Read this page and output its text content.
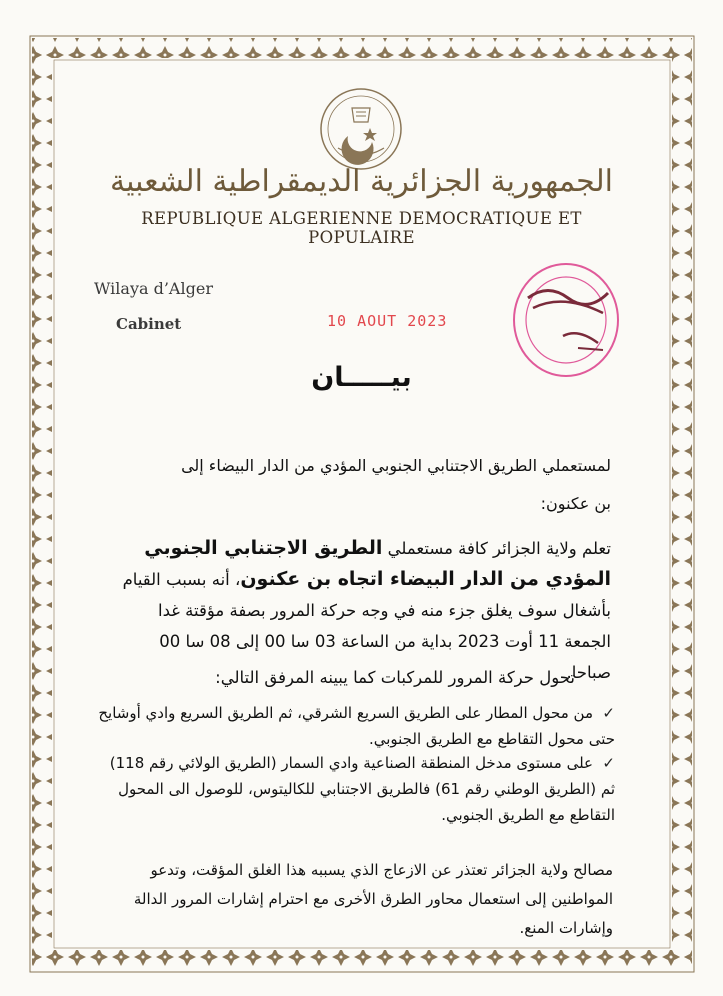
الجمهورية الجزائرية الديمقراطية الشعبية
REPUBLIQUE ALGERIENNE DEMOCRATIQUE ET POPULAIRE
Wilaya d’Alger
Cabinet	10 AOUT 2023
بيـــــان
لمستعملي الطريق الاجتنابي الجنوبي المؤدي من الدار البيضاء إلى
بن عكنون:
تعلم ولاية الجزائر كافة مستعملي الطريق الاجتنابي الجنوبي المؤدي من الدار البيضاء اتجاه بن عكنون، أنه بسبب القيام بأشغال سوف يغلق جزء منه في وجه حركة المرور بصفة مؤقتة غدا الجمعة 11 أوت 2023 بداية من الساعة 03 سا 00 إلى 08 سا 00 صباحا.
تحول حركة المرور للمركبات كما يبينه المرفق التالي:
✓من محول المطار على الطريق السريع الشرقي، ثم الطريق السريع وادي أوشايح حتى محول التقاطع مع الطريق الجنوبي.
✓على مستوى مدخل المنطقة الصناعية وادي السمار (الطريق الولائي رقم 118) ثم (الطريق الوطني رقم 61) فالطريق الاجتنابي للكاليتوس، للوصول الى المحول التقاطع مع الطريق الجنوبي.
مصالح ولاية الجزائر تعتذر عن الازعاج الذي يسببه هذا الغلق المؤقت، وتدعو المواطنين إلى استعمال محاور الطرق الأخرى مع احترام إشارات المرور الدالة وإشارات المنع.
